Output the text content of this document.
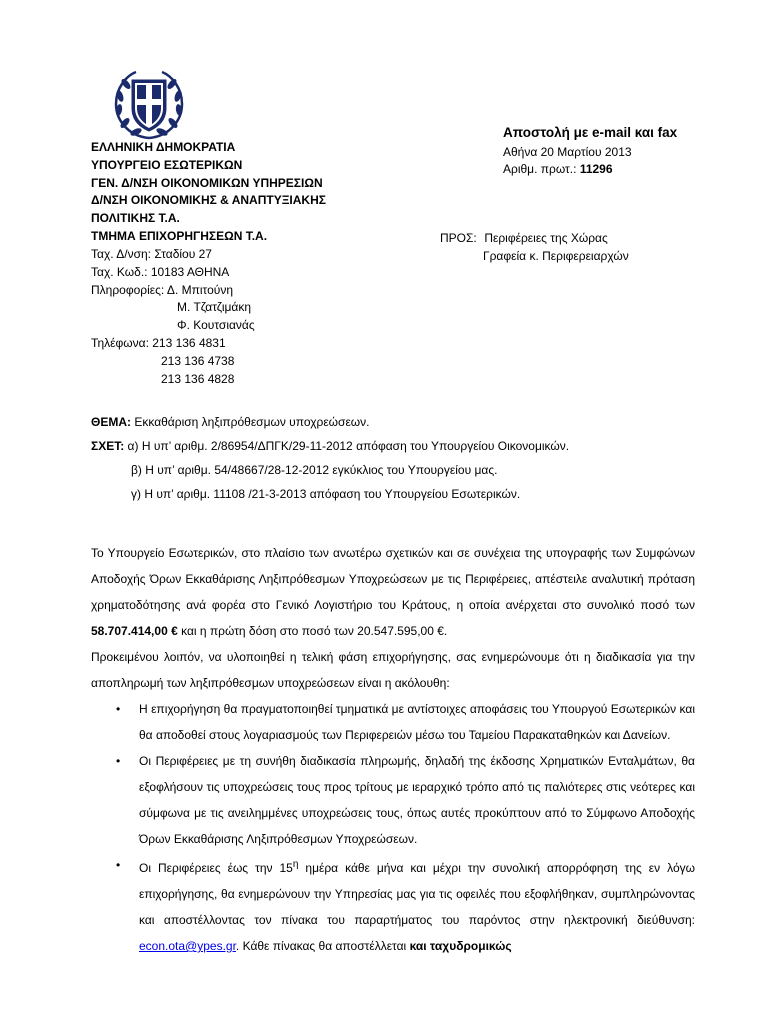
Αποστολή με e-mail και fax
Αθήνα 20 Μαρτίου 2013
Αριθμ. πρωτ.: 11296
ΕΛΛΗΝΙΚΗ ΔΗΜΟΚΡΑΤΙΑ
ΥΠΟΥΡΓΕΙΟ ΕΣΩΤΕΡΙΚΩΝ
ΓΕΝ. Δ/ΝΣΗ ΟΙΚΟΝΟΜΙΚΩΝ ΥΠΗΡΕΣΙΩΝ
Δ/ΝΣΗ ΟΙΚΟΝΟΜΙΚΗΣ & ΑΝΑΠΤΥΞΙΑΚΗΣ
ΠΟΛΙΤΙΚΗΣ Τ.Α.
ΤΜΗΜΑ ΕΠΙΧΟΡΗΓΗΣΕΩΝ Τ.Α.
Ταχ. Δ/νση: Σταδίου 27
Ταχ. Κωδ.: 10183 ΑΘΗΝΑ
Πληροφορίες: Δ. Μπιτούνη
Μ. Τζατζιμάκη
Φ. Κουτσιανάς
Τηλέφωνα: 213 136 4831
213 136 4738
213 136 4828
ΠΡΟΣ: Περιφέρειες της Χώρας
Γραφεία κ. Περιφερειαρχών
ΘΕΜΑ: Εκκαθάριση ληξιπρόθεσμων υποχρεώσεων.
ΣΧΕΤ: α) Η υπ’ αριθμ. 2/86954/ΔΠΓΚ/29-11-2012 απόφαση του Υπουργείου Οικονομικών.
β) Η υπ’ αριθμ. 54/48667/28-12-2012 εγκύκλιος του Υπουργείου μας.
γ) Η υπ’ αριθμ. 11108 /21-3-2013 απόφαση του Υπουργείου Εσωτερικών.

Το Υπουργείο Εσωτερικών, στο πλαίσιο των ανωτέρω σχετικών και σε συνέχεια της υπογραφής των Συμφώνων Αποδοχής Όρων Εκκαθάρισης Ληξιπρόθεσμων Υποχρεώσεων με τις Περιφέρειες, απέστειλε αναλυτική πρόταση χρηματοδότησης ανά φορέα στο Γενικό Λογιστήριο του Κράτους, η οποία ανέρχεται στο συνολικό ποσό των 58.707.414,00 € και η πρώτη δόση στο ποσό των 20.547.595,00 €.

Προκειμένου λοιπόν, να υλοποιηθεί η τελική φάση επιχορήγησης, σας ενημερώνουμε ότι η διαδικασία για την αποπληρωμή των ληξιπρόθεσμων υποχρεώσεων είναι η ακόλουθη:

• Η επιχορήγηση θα πραγματοποιηθεί τμηματικά με αντίστοιχες αποφάσεις του Υπουργού Εσωτερικών και θα αποδοθεί στους λογαριασμούς των Περιφερειών μέσω του Ταμείου Παρακαταθηκών και Δανείων.
• Οι Περιφέρειες με τη συνήθη διαδικασία πληρωμής, δηλαδή της έκδοσης Χρηματικών Ενταλμάτων, θα εξοφλήσουν τις υποχρεώσεις τους προς τρίτους με ιεραρχικό τρόπο από τις παλιότερες στις νεότερες και σύμφωνα με τις ανειλημμένες υποχρεώσεις τους, όπως αυτές προκύπτουν από το Σύμφωνο Αποδοχής Όρων Εκκαθάρισης Ληξιπρόθεσμων Υποχρεώσεων.
• Οι Περιφέρειες έως την $15^\eta$ ημέρα κάθε μήνα και μέχρι την συνολική απορρόφηση της εν λόγω επιχορήγησης, θα ενημερώνουν την Υπηρεσίας μας για τις οφειλές που εξοφλήθηκαν, συμπληρώνοντας και αποστέλλοντας τον πίνακα του παραρτήματος του παρόντος στην ηλεκτρονική διεύθυνση: econ.ota@ypes.gr. Κάθε πίνακας θα αποστέλλεται και ταχυδρομικώς
